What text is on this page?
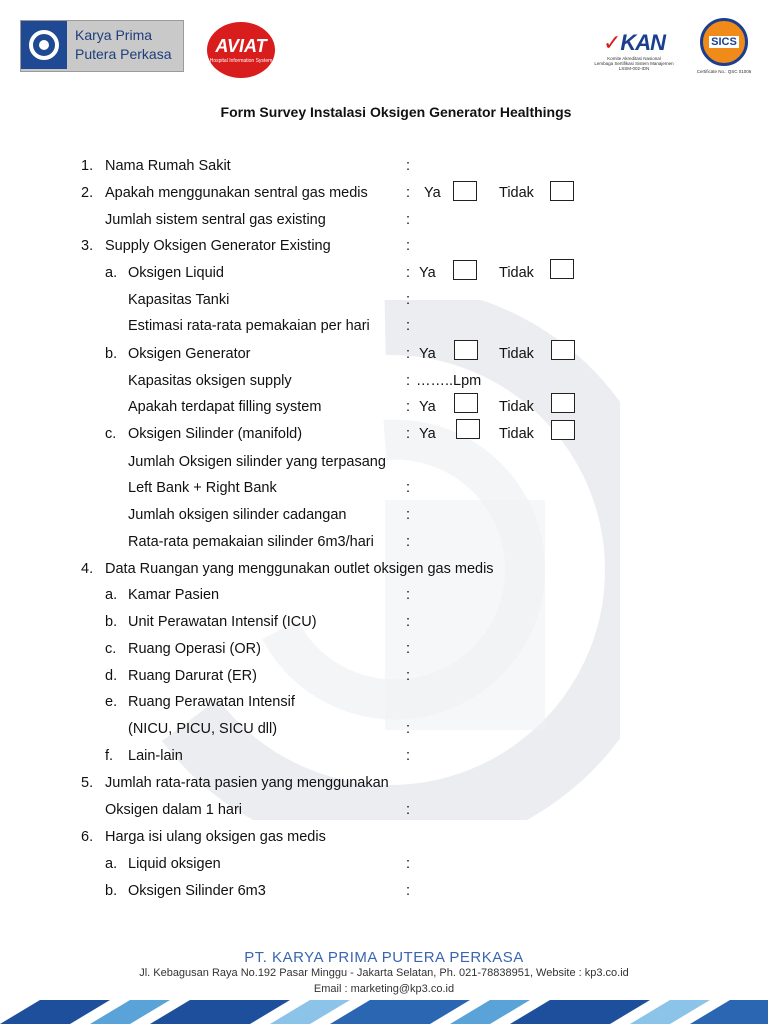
Karya Prima
Putera Perkasa	AVIAT
Hospital Information System
✓KAN
Komite Akreditasi Nasional
Lembaga Sertifikasi Sistem Manajemen
LSSM-002-IDN
SICS
Certificate No.: QSC 01006
Form Survey Instalasi Oksigen Generator Healthings
1. Nama Rumah Sakit	:
2. Apakah menggunakan sentral gas medis	: Ya	Tidak
Jumlah sistem sentral gas existing	:
3. Supply Oksigen Generator Existing	:
a. Oksigen Liquid	: Ya	Tidak
Kapasitas Tanki	:
Estimasi rata-rata pemakaian per hari :
b. Oksigen Generator	: Ya	Tidak
Kapasitas oksigen supply	: ……..Lpm
Apakah terdapat filling system	: Ya	Tidak
c. Oksigen Silinder (manifold)	: Ya	Tidak
Jumlah Oksigen silinder yang terpasang
Left Bank + Right Bank	:
Jumlah oksigen silinder cadangan	:
Rata-rata pemakaian silinder 6m3/hari :
4. Data Ruangan yang menggunakan outlet oksigen gas medis
a. Kamar Pasien	:
b. Unit Perawatan Intensif (ICU)	:
c. Ruang Operasi (OR)	:
d. Ruang Darurat (ER)	:
e. Ruang Perawatan Intensif
(NICU, PICU, SICU dll)	:
f. Lain-lain	:
5. Jumlah rata-rata pasien yang menggunakan
Oksigen dalam 1 hari	:
6. Harga isi ulang oksigen gas medis
a. Liquid oksigen	:
b. Oksigen Silinder 6m3	:
PT. KARYA PRIMA PUTERA PERKASA
Jl. Kebagusan Raya No.192 Pasar Minggu - Jakarta Selatan, Ph. 021-78838951, Website : kp3.co.id
Email : marketing@kp3.co.id
